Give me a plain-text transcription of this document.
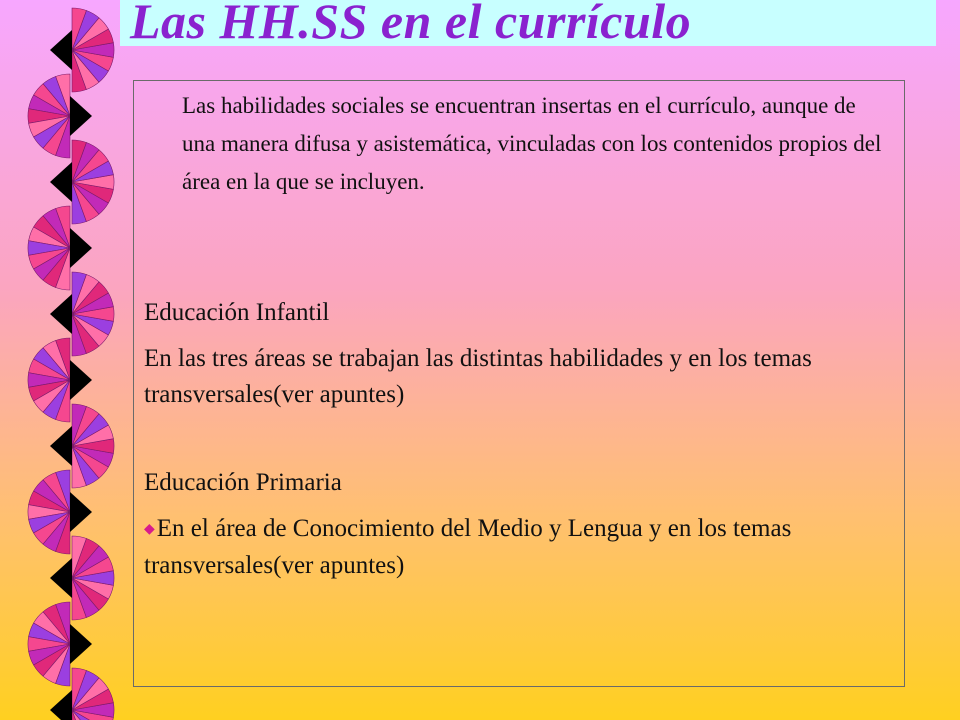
Las HH.SS en el currículo

Las habilidades sociales se encuentran insertas en el currículo, aunque de una manera difusa y asistemática, vinculadas con los contenidos propios del área en la que se incluyen.

Educación Infantil

En las tres áreas se trabajan las distintas habilidades y en los temas transversales(ver apuntes)

Educación Primaria

◆En el área de Conocimiento del Medio y Lengua y en los temas transversales(ver apuntes)
